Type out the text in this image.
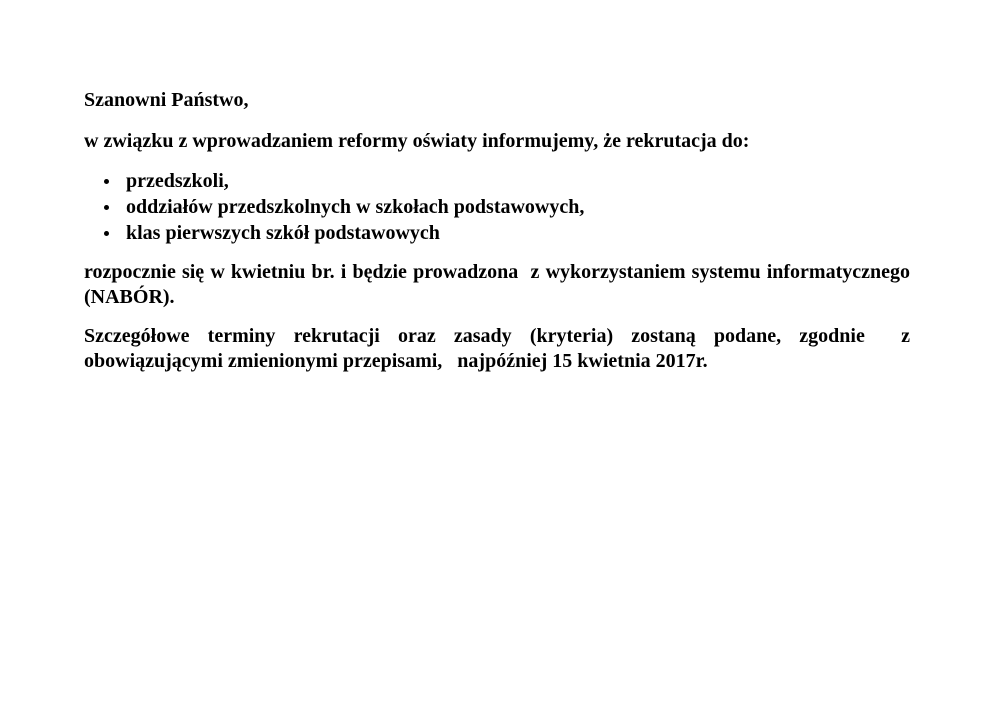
Szanowni Państwo,

w związku z wprowadzaniem reformy oświaty informujemy, że rekrutacja do:

przedszkoli,
oddziałów przedszkolnych w szkołach podstawowych,
klas pierwszych szkół podstawowych

rozpocznie się w kwietniu br. i będzie prowadzona  z wykorzystaniem systemu informatycznego (NABÓR).

Szczegółowe terminy rekrutacji oraz zasady (kryteria) zostaną podane, zgodnie  z obowiązującymi zmienionymi przepisami,   najpóźniej 15 kwietnia 2017r.
